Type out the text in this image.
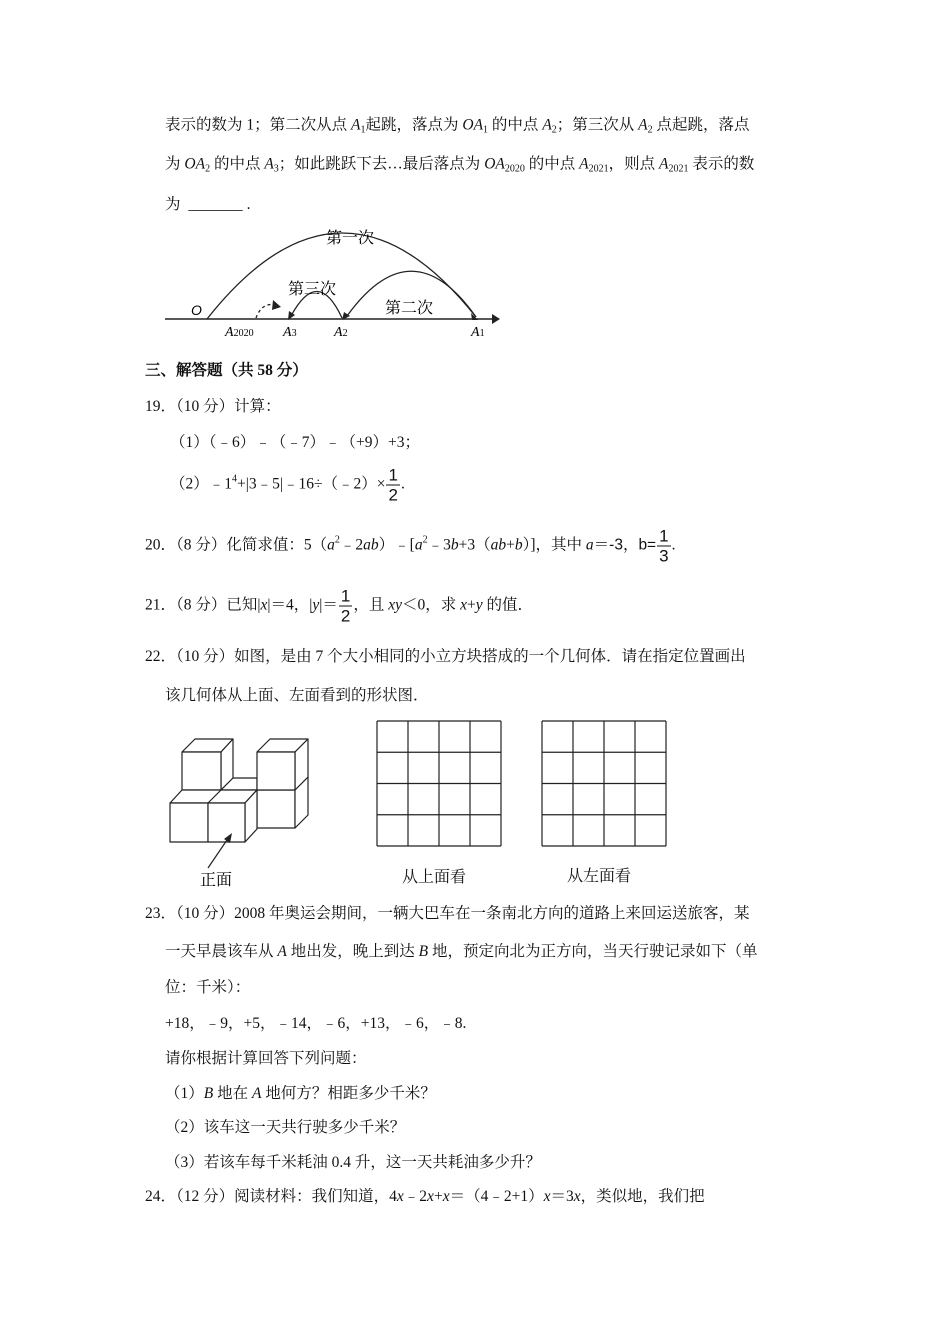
表示的数为 1；第二次从点 $A_1$起跳，落点为 $OA_1$ 的中点 $A_2$；第三次从 $A_2$ 点起跳，落点
为 $OA_2$ 的中点 $A_3$；如此跳跃下去…最后落点为 $OA_{2020}$ 的中点 $A_{2021}$，则点 $A_{2021}$ 表示的数
为 _______ .
三、解答题（共 58 分）
19．（10 分）计算：
（1）（﹣6）﹣（﹣7）﹣（+9）+3；
$(2)﹣1^4+|3﹣5|﹣16\div(﹣2)\times \frac{1}{2}$ .
20．（8 分）化简求值：$5(a^2﹣2ab)﹣[a^2﹣3b+3(ab+b)]$，其中 a＝-3，$b= \frac{1}{3}$ .
21．（8 分）已知|x|＝4，$|y|= \frac{1}{2}$ ，且 xy＜0，求 x+y 的值．
22．（10 分）如图，是由 7 个大小相同的小立方块搭成的一个几何体．请在指定位置画出
该几何体从上面、左面看到的形状图．
23．（10 分）2008 年奥运会期间，一辆大巴车在一条南北方向的道路上来回运送旅客，某
一天早晨该车从 A 地出发，晚上到达 B 地，预定向北为正方向，当天行驶记录如下（单
位：千米）：
+18，﹣9，+5，﹣14，﹣6，+13，﹣6，﹣8.
请你根据计算回答下列问题：
（1）B 地在 A 地何方？相距多少千米？
（2）该车这一天共行驶多少千米？
（3）若该车每千米耗油 0.4 升，这一天共耗油多少升？
24．（12 分）阅读材料：我们知道，4x﹣2x+x＝（4﹣2+1）x＝3x，类似地，我们把
第一次
第二次
第三次
O
A2020 A3	A2	A1
正面	从上面看	从左面看
